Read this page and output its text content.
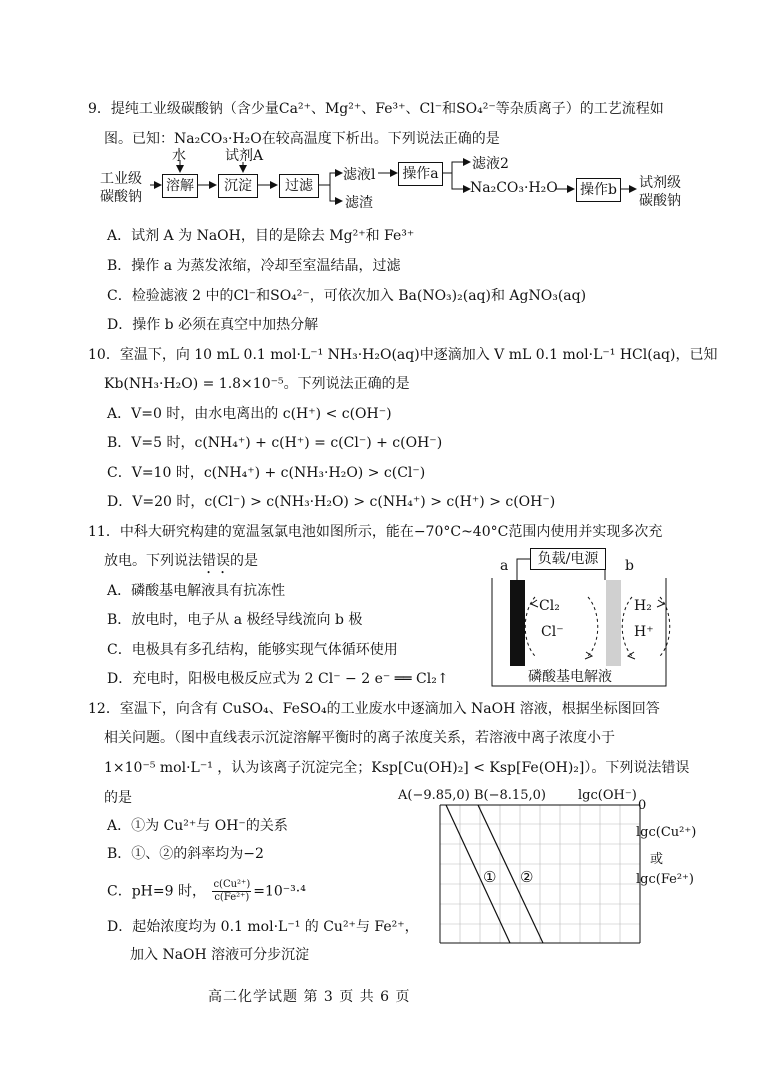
9．提纯工业级碳酸钠（含少量Ca²⁺、Mg²⁺、Fe³⁺、Cl⁻和SO₄²⁻等杂质离子）的工艺流程如
图。已知：Na₂CO₃·H₂O在较高温度下析出。下列说法正确的是
工业级
碳酸钠
水	试剂A
溶解	沉淀	过滤
滤液l
滤渣
操作a
滤液2
Na₂CO₃·H₂O 操作b 试剂级
碳酸钠
A．试剂 A 为 NaOH，目的是除去 Mg²⁺和 Fe³⁺
B．操作 a 为蒸发浓缩，冷却至室温结晶，过滤
C．检验滤液 2 中的Cl⁻和SO₄²⁻，可依次加入 Ba(NO₃)₂(aq)和 AgNO₃(aq)
D．操作 b 必须在真空中加热分解
10．室温下，向 10 mL 0.1 mol·L⁻¹ NH₃·H₂O(aq)中逐滴加入 V mL 0.1 mol·L⁻¹ HCl(aq)，已知
Kb(NH₃·H₂O) = 1.8×10⁻⁵。下列说法正确的是
A．V=0 时，由水电离出的 c(H⁺) < c(OH⁻)
B．V=5 时，c(NH₄⁺) + c(H⁺) = c(Cl⁻) + c(OH⁻)
C．V=10 时，c(NH₄⁺) + c(NH₃·H₂O) > c(Cl⁻)
D．V=20 时，c(Cl⁻) > c(NH₃·H₂O) > c(NH₄⁺) > c(H⁺) > c(OH⁻)
11．中科大研究构建的宽温氢氯电池如图所示，能在−70°C~40°C范围内使用并实现多次充
放电。下列说法错误的是
A．磷酸基电解液具有抗冻性
B．放电时，电子从 a 极经导线流向 b 极
C．电极具有多孔结构，能够实现气体循环使用
D．充电时，阳极电极反应式为 2 Cl⁻ − 2 e⁻ ══ Cl₂↑
负载/电源
a	b
Cl₂
Cl⁻
H₂
H⁺
磷酸基电解液
12．室温下，向含有 CuSO₄、FeSO₄的工业废水中逐滴加入 NaOH 溶液，根据坐标图回答
相关问题。（图中直线表示沉淀溶解平衡时的离子浓度关系，若溶液中离子浓度小于
1×10⁻⁵ mol·L⁻¹ ，认为该离子沉淀完全；Ksp[Cu(OH)₂] < Ksp[Fe(OH)₂]）。下列说法错误
的是
A．①为 Cu²⁺与 OH⁻的关系
B．①、②的斜率均为−2
C．pH=9 时， $\frac{\text{c(Cu²⁺)}}{\text{c(Fe²⁺)}} =10^{-3}\cdot^4$
D．起始浓度均为 0.1 mol·L⁻¹ 的 Cu²⁺与 Fe²⁺，
加入 NaOH 溶液可分步沉淀
A(−9.85,0) B(−8.15,0) lgc(OH⁻)
0
lgc(Cu²⁺)
或
lgc(Fe²⁺)
① ②
高二化学试题 第 3 页 共 6 页
